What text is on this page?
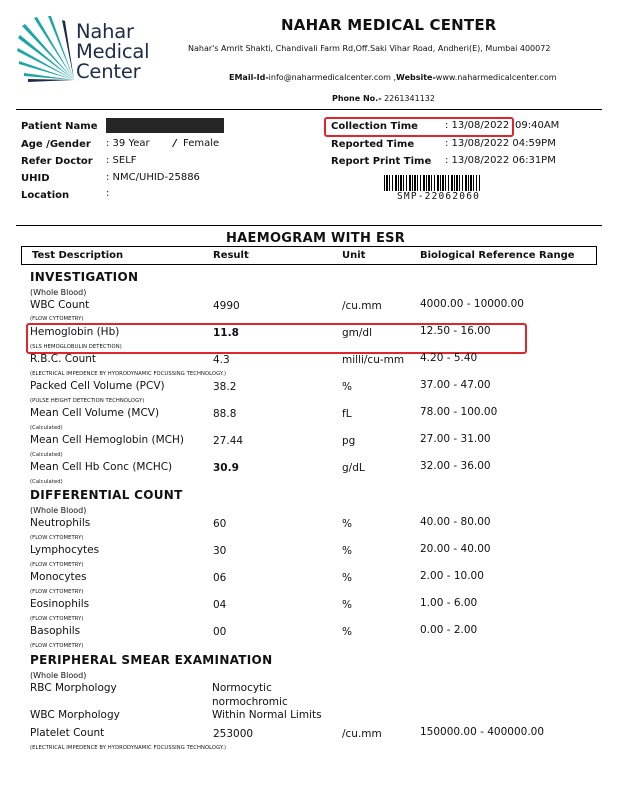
Nahar
Medical
Center
NAHAR MEDICAL CENTER
Nahar's Amrit Shakti, Chandivali Farm Rd,Off.Saki Vihar Road, Andheri(E), Mumbai 400072
EMail-Id-info@naharmedicalcenter.com ,Website-www.naharmedicalcenter.com
Phone No.- 2261341132
Patient Name
Age /Gender : 39 Year / Female
Refer Doctor : SELF
UHID	: NMC/UHID-25886
Location	:
Collection Time	: 13/08/2022 09:40AM
Reported Time	: 13/08/2022 04:59PM
Report Print Time : 13/08/2022 06:31PM
SMP-22062060
HAEMOGRAM WITH ESR
Test Description	Result	Unit	Biological Reference Range
INVESTIGATION
(Whole Blood)
WBC Count	4990	/cu.mm	4000.00 - 10000.00
(FLOW CYTOMETRY)
Hemoglobin (Hb)	11.8	gm/dl	12.50 - 16.00
(SLS HEMOGLOBULIN DETECTION)
R.B.C. Count	4.3	milli/cu-mm 4.20 - 5.40
(ELECTRICAL IMPEDENCE BY HYDRODYNAMIC FOCUSSING TECHNOLOGY.)
Packed Cell Volume (PCV)	38.2	%	37.00 - 47.00
(PULSE HEIGHT DETECTION TECHNOLOGY)
Mean Cell Volume (MCV)	88.8	fL	78.00 - 100.00
(Calculated)
Mean Cell Hemoglobin (MCH)	27.44	pg	27.00 - 31.00
(Calculated)
Mean Cell Hb Conc (MCHC)	30.9	g/dL	32.00 - 36.00
(Calculated)
DIFFERENTIAL COUNT
(Whole Blood)
Neutrophils	60	%	40.00 - 80.00
(FLOW CYTOMETRY)
Lymphocytes	30	%	20.00 - 40.00
(FLOW CYTOMETRY)
Monocytes	06	%	2.00 - 10.00
(FLOW CYTOMETRY)
Eosinophils	04	%	1.00 - 6.00
(FLOW CYTOMETRY)
Basophils	00	%	0.00 - 2.00
(FLOW CYTOMETRY)
PERIPHERAL SMEAR EXAMINATION
(Whole Blood)
RBC Morphology	Normocytic
normochromic
WBC Morphology	Within Normal Limits
Platelet Count	253000	/cu.mm	150000.00 - 400000.00
(ELECTRICAL IMPEDENCE BY HYDRODYNAMIC FOCUSSING TECHNOLOGY.)
